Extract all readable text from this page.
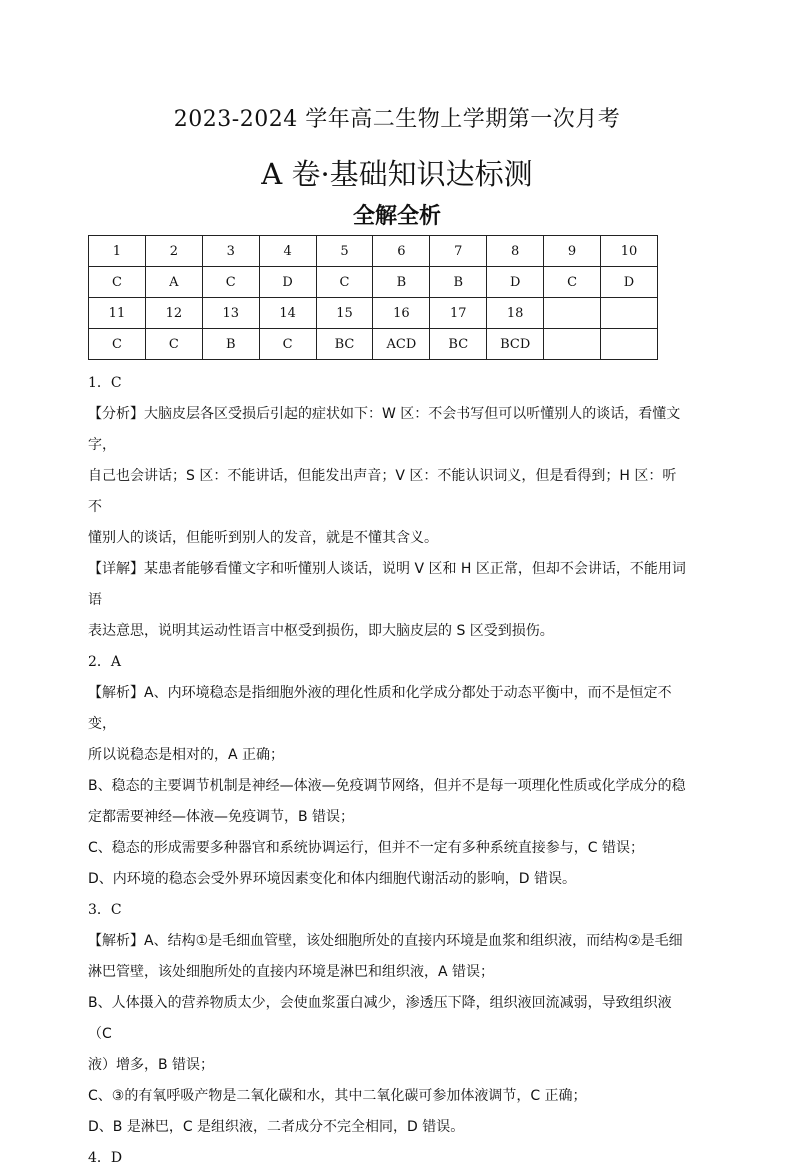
2023-2024 学年高二生物上学期第一次月考
A 卷·基础知识达标测
全解全析
1	2	3	4	5	6	7	8	9	10
C	A	C	D	C	B	B	D	C	D
11	12	13	14	15	16	17	18		
C	C	B	C	BC	ACD	BC	BCD		

1．C

【分析】大脑皮层各区受损后引起的症状如下：W 区：不会书写但可以听懂别人的谈话，看懂文字，

自己也会讲话；S 区：不能讲话，但能发出声音；V 区：不能认识词义，但是看得到；H 区：听不

懂别人的谈话，但能听到别人的发音，就是不懂其含义。

【详解】某患者能够看懂文字和听懂别人谈话，说明 V 区和 H 区正常，但却不会讲话，不能用词语

表达意思，说明其运动性语言中枢受到损伤，即大脑皮层的 S 区受到损伤。

2．A

【解析】A、内环境稳态是指细胞外液的理化性质和化学成分都处于动态平衡中，而不是恒定不变，

所以说稳态是相对的，A 正确；

B、稳态的主要调节机制是神经—体液—免疫调节网络，但并不是每一项理化性质或化学成分的稳

定都需要神经—体液—免疫调节，B 错误；

C、稳态的形成需要多种器官和系统协调运行，但并不一定有多种系统直接参与，C 错误；

D、内环境的稳态会受外界环境因素变化和体内细胞代谢活动的影响，D 错误。

3．C

【解析】A、结构①是毛细血管壁，该处细胞所处的直接内环境是血浆和组织液，而结构②是毛细

淋巴管壁，该处细胞所处的直接内环境是淋巴和组织液，A 错误；

B、人体摄入的营养物质太少，会使血浆蛋白减少，渗透压下降，组织液回流减弱，导致组织液（C

液）增多，B 错误；

C、③的有氧呼吸产物是二氧化碳和水，其中二氧化碳可参加体液调节，C 正确；

D、B 是淋巴，C 是组织液，二者成分不完全相同，D 错误。

4．D
